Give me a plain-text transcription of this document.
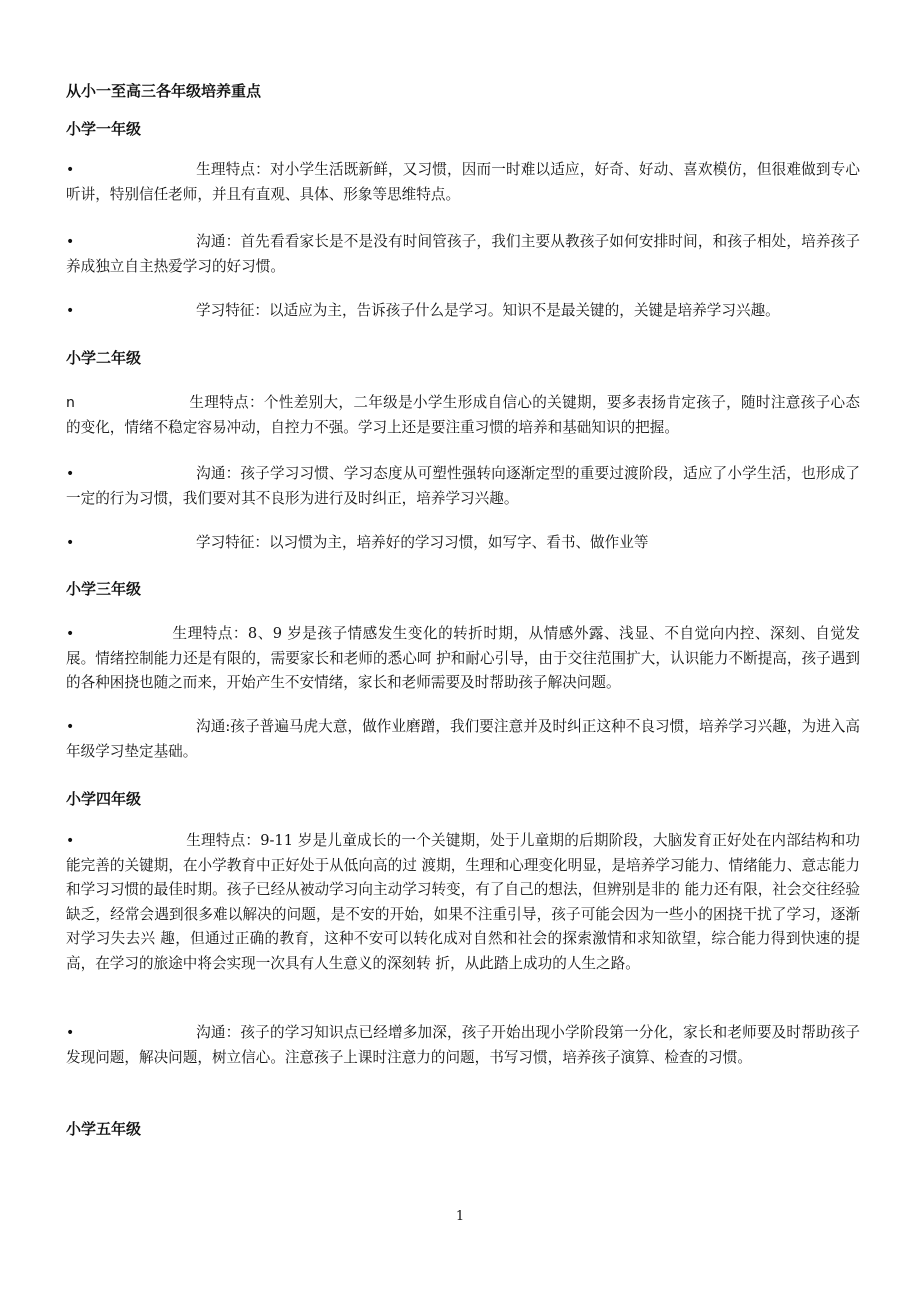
从小一至高三各年级培养重点
小学一年级

•	生理特点：对小学生活既新鲜，又习惯，因而一时难以适应，好奇、好动、喜欢模仿，但很难做到专心听讲，特别信任老师，并且有直观、具体、形象等思维特点。

•	沟通：首先看看家长是不是没有时间管孩子，我们主要从教孩子如何安排时间，和孩子相处，培养孩子养成独立自主热爱学习的好习惯。

•	学习特征：以适应为主，告诉孩子什么是学习。知识不是最关键的，关键是培养学习兴趣。

小学二年级

n	生理特点：个性差别大，二年级是小学生形成自信心的关键期，要多表扬肯定孩子，随时注意孩子心态的变化，情绪不稳定容易冲动，自控力不强。学习上还是要注重习惯的培养和基础知识的把握。

•	沟通：孩子学习习惯、学习态度从可塑性强转向逐渐定型的重要过渡阶段，适应了小学生活，也形成了一定的行为习惯，我们要对其不良形为进行及时纠正，培养学习兴趣。

•	学习特征：以习惯为主，培养好的学习习惯，如写字、看书、做作业等

小学三年级

•	生理特点：8、9 岁是孩子情感发生变化的转折时期，从情感外露、浅显、不自觉向内控、深刻、自觉发展。情绪控制能力还是有限的，需要家长和老师的悉心呵 护和耐心引导，由于交往范围扩大，认识能力不断提高，孩子遇到的各种困挠也随之而来，开始产生不安情绪，家长和老师需要及时帮助孩子解决问题。

•	沟通:孩子普遍马虎大意，做作业磨蹭，我们要注意并及时纠正这种不良习惯，培养学习兴趣，为进入高年级学习垫定基础。

小学四年级

•	生理特点：9-11 岁是儿童成长的一个关键期，处于儿童期的后期阶段，大脑发育正好处在内部结构和功能完善的关键期，在小学教育中正好处于从低向高的过 渡期，生理和心理变化明显，是培养学习能力、情绪能力、意志能力和学习习惯的最佳时期。孩子已经从被动学习向主动学习转变，有了自己的想法，但辨别是非的 能力还有限，社会交往经验缺乏，经常会遇到很多难以解决的问题，是不安的开始，如果不注重引导，孩子可能会因为一些小的困挠干扰了学习，逐渐对学习失去兴 趣，但通过正确的教育，这种不安可以转化成对自然和社会的探索激情和求知欲望，综合能力得到快速的提高，在学习的旅途中将会实现一次具有人生意义的深刻转 折，从此踏上成功的人生之路。

•	沟通：孩子的学习知识点已经增多加深，孩子开始出现小学阶段第一分化，家长和老师要及时帮助孩子发现问题，解决问题，树立信心。注意孩子上课时注意力的问题，书写习惯，培养孩子演算、检查的习惯。

小学五年级
1
